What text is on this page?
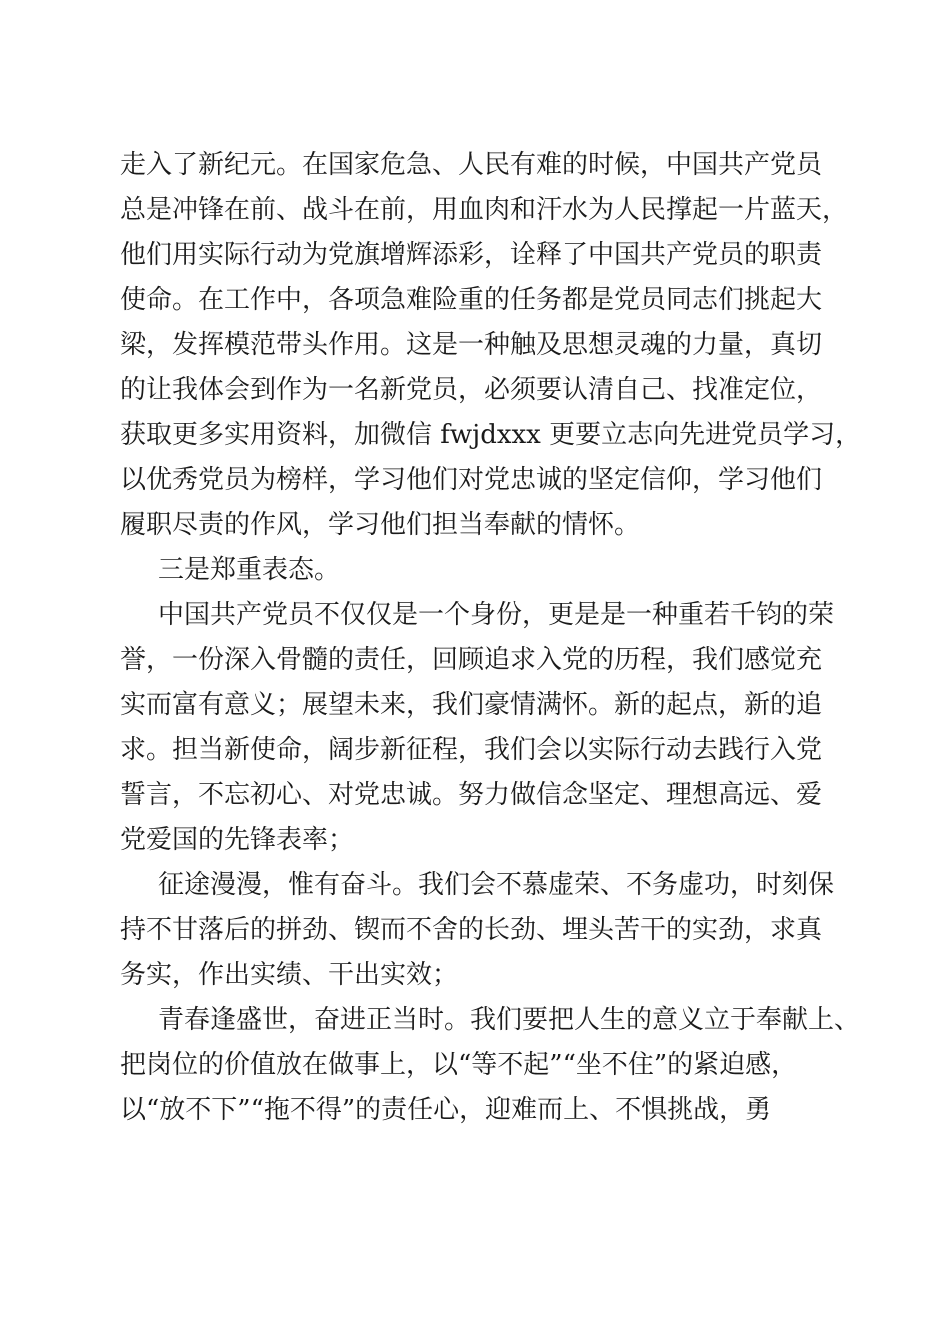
走入了新纪元。在国家危急、人民有难的时候，中国共产党员
总是冲锋在前、战斗在前，用血肉和汗水为人民撑起一片蓝天，
他们用实际行动为党旗增辉添彩，诠释了中国共产党员的职责
使命。在工作中，各项急难险重的任务都是党员同志们挑起大
梁，发挥模范带头作用。这是一种触及思想灵魂的力量，真切
的让我体会到作为一名新党员，必须要认清自己、找准定位，
获取更多实用资料，加微信 fwjdxxx 更要立志向先进党员学习，
以优秀党员为榜样，学习他们对党忠诚的坚定信仰，学习他们
履职尽责的作风，学习他们担当奉献的情怀。
三是郑重表态。
中国共产党员不仅仅是一个身份，更是是一种重若千钧的荣
誉，一份深入骨髓的责任，回顾追求入党的历程，我们感觉充
实而富有意义；展望未来，我们豪情满怀。新的起点，新的追
求。担当新使命，阔步新征程，我们会以实际行动去践行入党
誓言，不忘初心、对党忠诚。努力做信念坚定、理想高远、爱
党爱国的先锋表率；
征途漫漫，惟有奋斗。我们会不慕虚荣、不务虚功，时刻保
持不甘落后的拼劲、锲而不舍的长劲、埋头苦干的实劲，求真
务实，作出实绩、干出实效；
青春逢盛世，奋进正当时。我们要把人生的意义立于奉献上、
把岗位的价值放在做事上，以“等不起”“坐不住”的紧迫感，
以“放不下”“拖不得”的责任心，迎难而上、不惧挑战，勇
